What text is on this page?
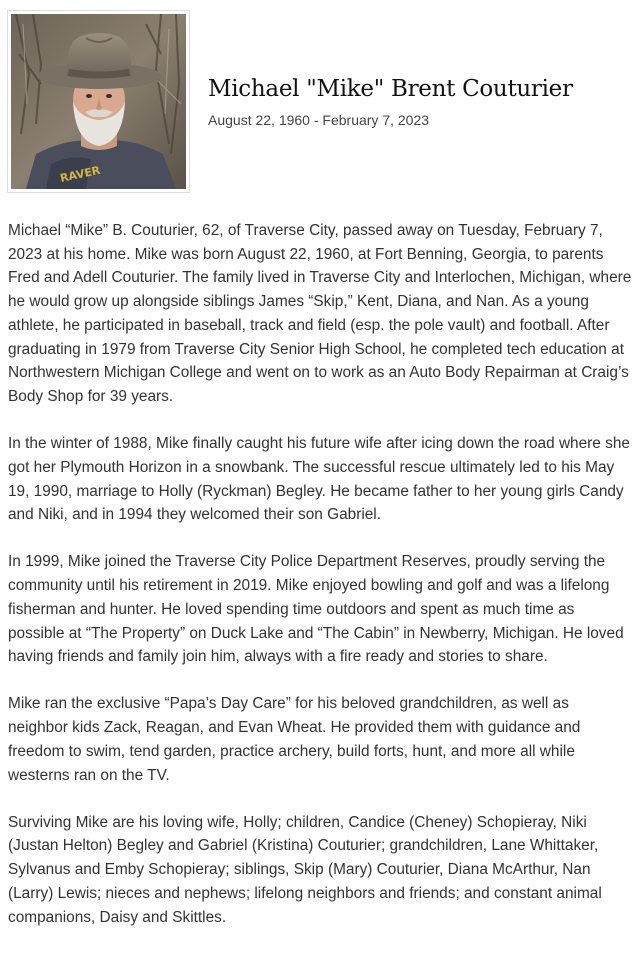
RAVER
Michael "Mike" Brent Couturier
August 22, 1960 - February 7, 2023

Michael “Mike” B. Couturier, 62, of Traverse City, passed away on Tuesday, February 7, 2023 at his home. Mike was born August 22, 1960, at Fort Benning, Georgia, to parents Fred and Adell Couturier. The family lived in Traverse City and Interlochen, Michigan, where he would grow up alongside siblings James “Skip,” Kent, Diana, and Nan. As a young athlete, he participated in baseball, track and field (esp. the pole vault) and football. After graduating in 1979 from Traverse City Senior High School, he completed tech education at Northwestern Michigan College and went on to work as an Auto Body Repairman at Craig’s Body Shop for 39 years.

In the winter of 1988, Mike finally caught his future wife after icing down the road where she got her Plymouth Horizon in a snowbank. The successful rescue ultimately led to his May 19, 1990, marriage to Holly (Ryckman) Begley. He became father to her young girls Candy and Niki, and in 1994 they welcomed their son Gabriel.

In 1999, Mike joined the Traverse City Police Department Reserves, proudly serving the community until his retirement in 2019. Mike enjoyed bowling and golf and was a lifelong fisherman and hunter. He loved spending time outdoors and spent as much time as possible at “The Property” on Duck Lake and “The Cabin” in Newberry, Michigan. He loved having friends and family join him, always with a fire ready and stories to share.

Mike ran the exclusive “Papa’s Day Care” for his beloved grandchildren, as well as neighbor kids Zack, Reagan, and Evan Wheat. He provided them with guidance and freedom to swim, tend garden, practice archery, build forts, hunt, and more all while westerns ran on the TV.

Surviving Mike are his loving wife, Holly; children, Candice (Cheney) Schopieray, Niki (Justan Helton) Begley and Gabriel (Kristina) Couturier; grandchildren, Lane Whittaker, Sylvanus and Emby Schopieray; siblings, Skip (Mary) Couturier, Diana McArthur, Nan (Larry) Lewis; nieces and nephews; lifelong neighbors and friends; and constant animal companions, Daisy and Skittles.
